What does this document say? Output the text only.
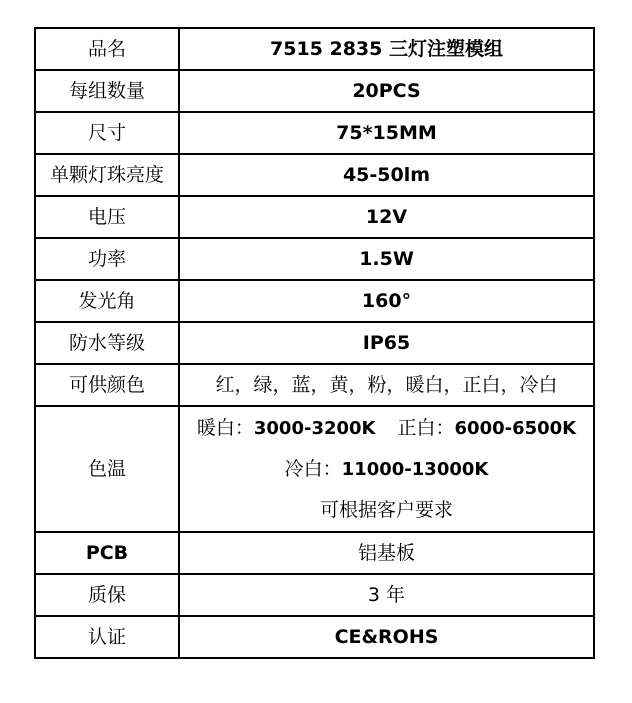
品名	7515 2835 三灯注塑模组
每组数量	20PCS
尺寸	75*15MM
单颗灯珠亮度	45-50lm
电压	12V
功率	1.5W
发光角	160°
防水等级	IP65
可供颜色	红，绿，蓝，黄，粉，暖白，正白，冷白
色温	暖白：3000-3200K 正白：6000-6500K
冷白：11000-13000K
可根据客户要求

PCB	铝基板
质保	3 年
认证	CE&ROHS
